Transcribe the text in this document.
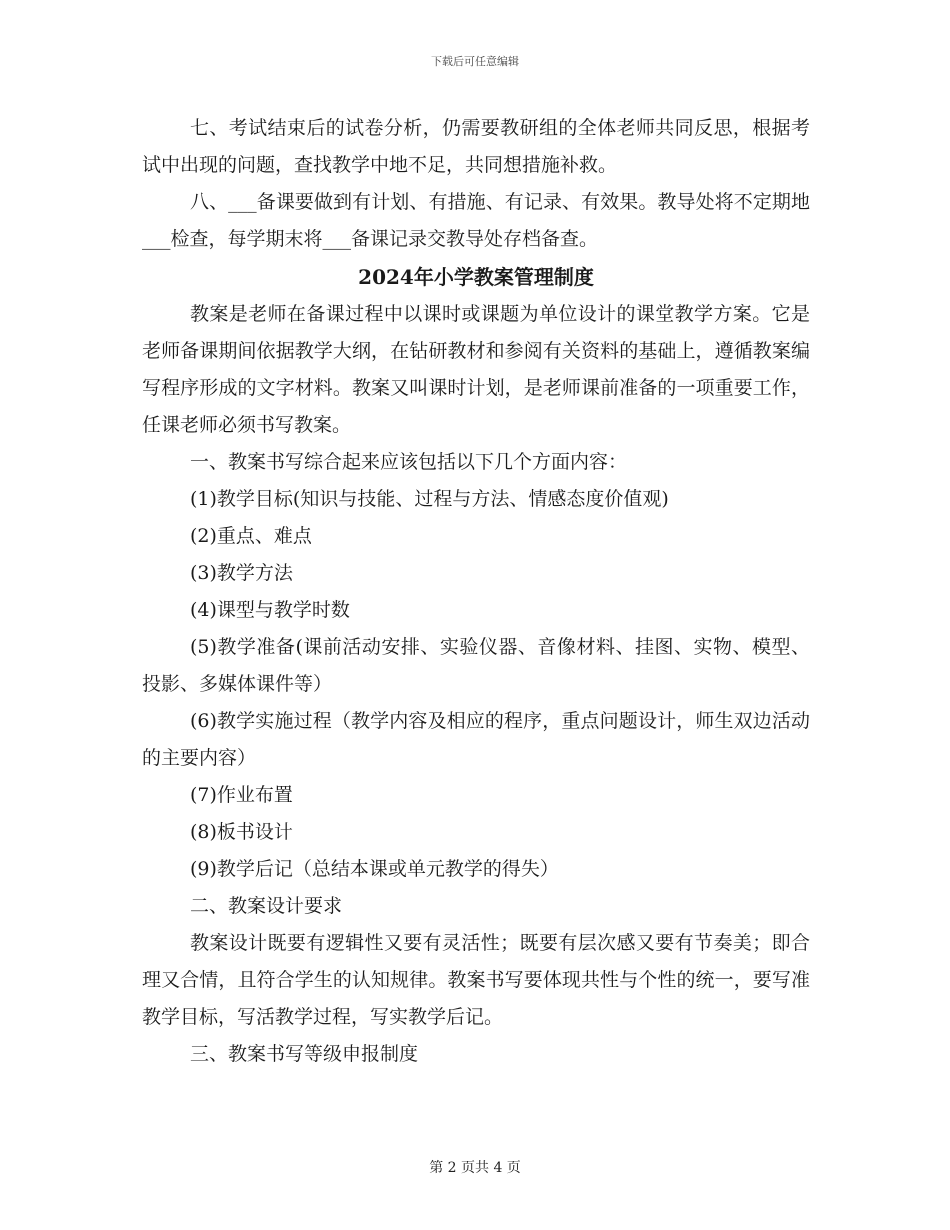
下载后可任意编辑

七、考试结束后的试卷分析，仍需要教研组的全体老师共同反思，根据考试中出现的问题，查找教学中地不足，共同想措施补救。

八、___备课要做到有计划、有措施、有记录、有效果。教导处将不定期地___检查，每学期末将___备课记录交教导处存档备查。

2024年小学教案管理制度

教案是老师在备课过程中以课时或课题为单位设计的课堂教学方案。它是老师备课期间依据教学大纲，在钻研教材和参阅有关资料的基础上，遵循教案编写程序形成的文字材料。教案又叫课时计划，是老师课前准备的一项重要工作，任课老师必须书写教案。

一、教案书写综合起来应该包括以下几个方面内容：

(1)教学目标(知识与技能、过程与方法、情感态度价值观)

(2)重点、难点

(3)教学方法

(4)课型与教学时数

(5)教学准备(课前活动安排、实验仪器、音像材料、挂图、实物、模型、投影、多媒体课件等）

(6)教学实施过程（教学内容及相应的程序，重点问题设计，师生双边活动的主要内容）

(7)作业布置

(8)板书设计

(9)教学后记（总结本课或单元教学的得失）

二、教案设计要求

教案设计既要有逻辑性又要有灵活性；既要有层次感又要有节奏美；即合理又合情，且符合学生的认知规律。教案书写要体现共性与个性的统一，要写准教学目标，写活教学过程，写实教学后记。

三、教案书写等级申报制度

第 2 页共 4 页
